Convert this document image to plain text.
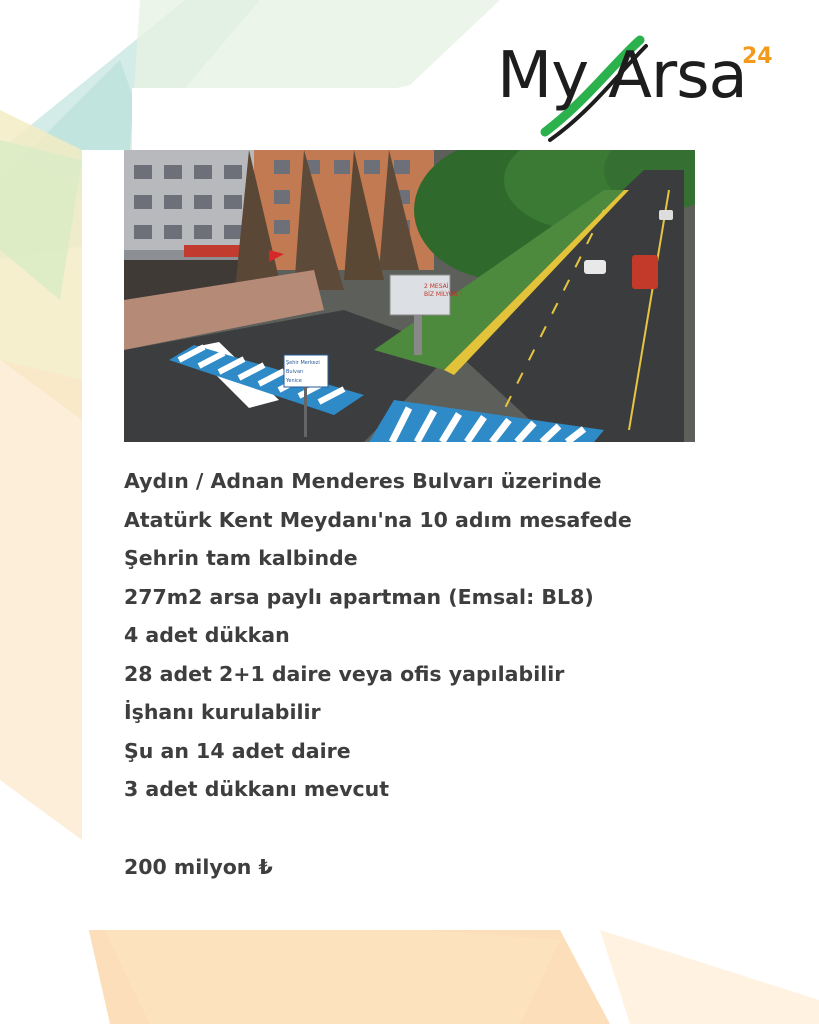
My Arsa
24
2 MESAİ
BİZ MİLYON !
Şehir Merkezi
Bulvarı
Yenice
Aydın / Adnan Menderes Bulvarı üzerinde
Atatürk Kent Meydanı'na 10 adım mesafede
Şehrin tam kalbinde
277m2 arsa paylı apartman (Emsal: BL8)
4 adet dükkan
28 adet 2+1 daire veya ofis yapılabilir
İşhanı kurulabilir
Şu an 14 adet daire
3 adet dükkanı mevcut
200 milyon ₺
